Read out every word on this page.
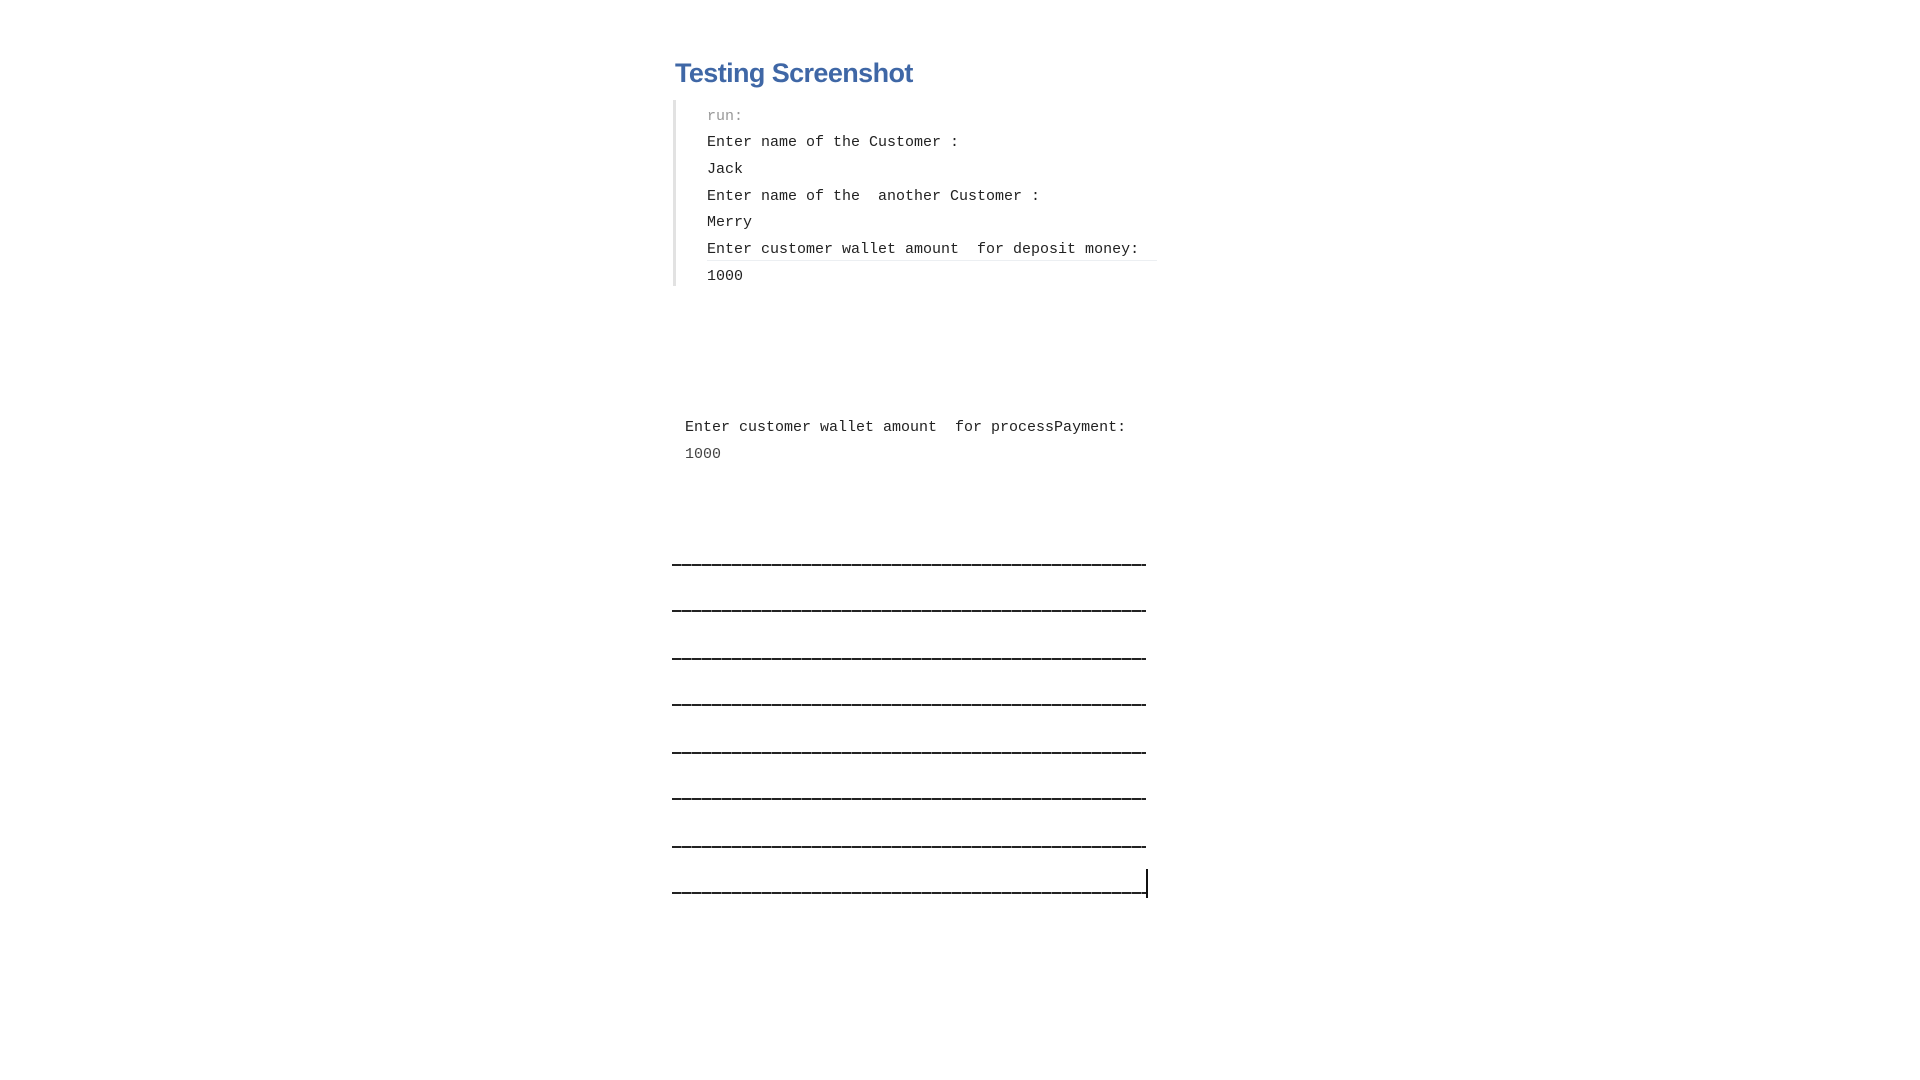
Testing Screenshot
run:
Enter name of the Customer :
Jack
Enter name of the  another Customer :
Merry
Enter customer wallet amount  for deposit money:
1000
Enter customer wallet amount  for processPayment:
1000
